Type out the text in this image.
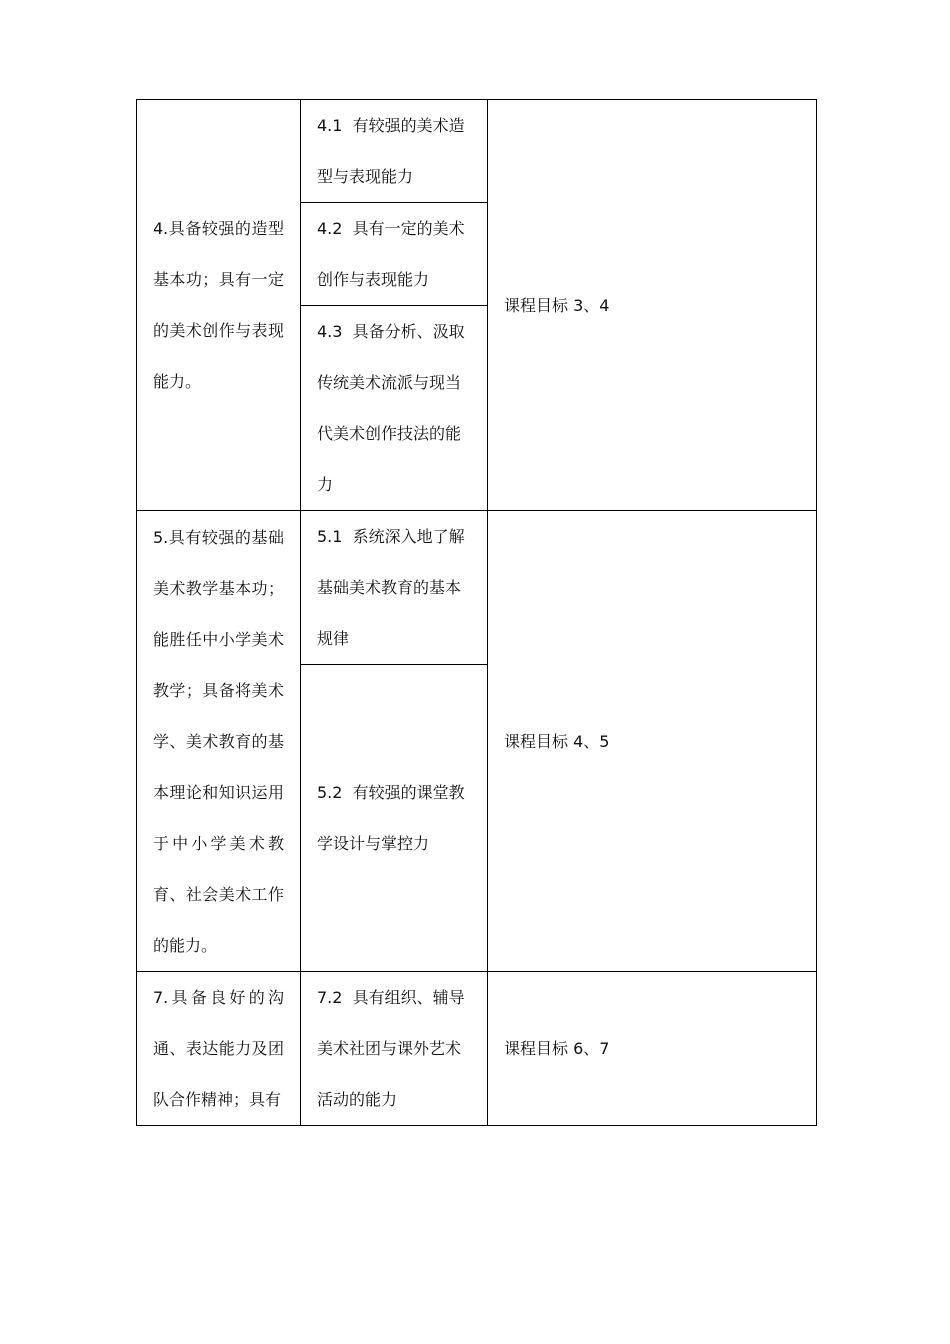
4.具备较强的造型基本功；具有一定的美术创作与表现能力。	4.1  有较强的美术造型与表现能力	课程目标 3、4
	4.2  具有一定的美术创作与表现能力	
	4.3  具备分析、汲取传统美术流派与现当代美术创作技法的能力	
5.具有较强的基础美术教学基本功；能胜任中小学美术教学；具备将美术学、美术教育的基本理论和知识运用于中小学美术教育、社会美术工作的能力。	5.1  系统深入地了解基础美术教育的基本规律	课程目标 4、5
	5.2  有较强的课堂教学设计与掌控力	
7.具备良好的沟通、表达能力及团队合作精神；具有	7.2  具有组织、辅导美术社团与课外艺术活动的能力	课程目标 6、7
